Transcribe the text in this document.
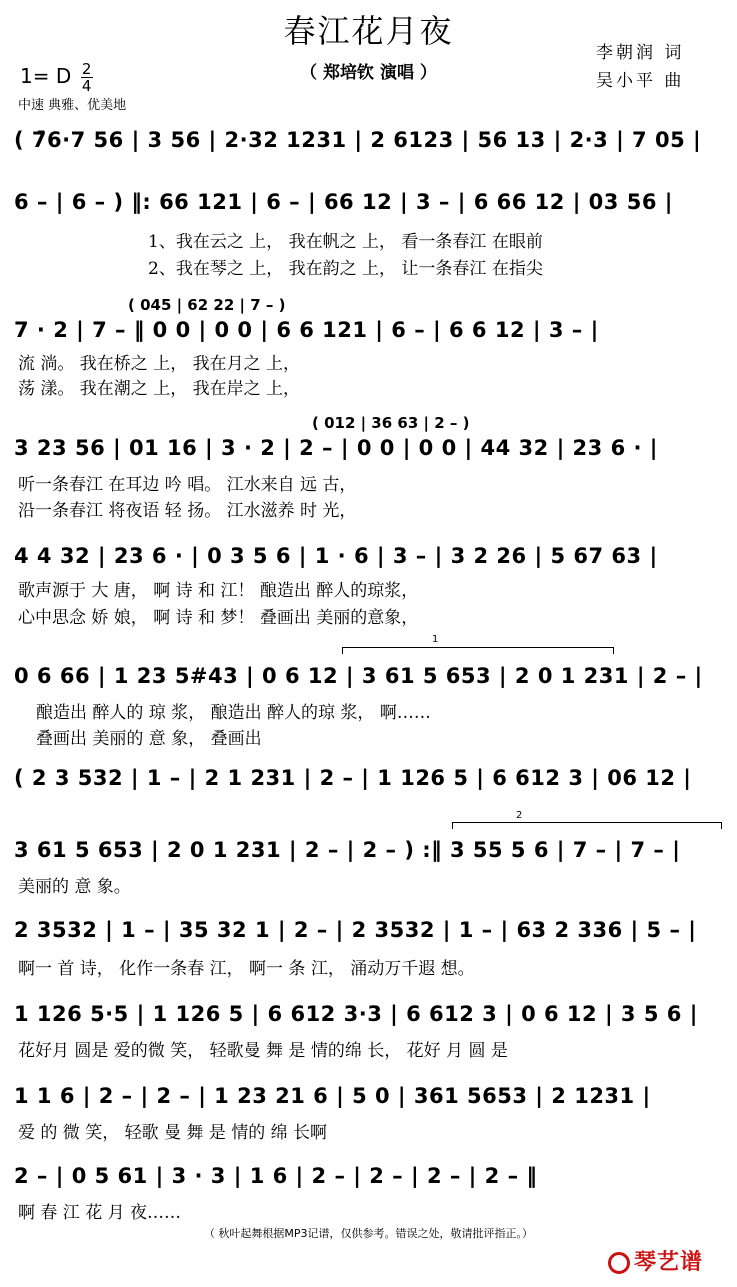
春江花月夜
（ 郑培钦 演唱 ）
李朝润 词
吴小平 曲
1= D $\frac{2}{4}$
中速 典雅、优美地
( 7̄6·7 56 | 3 56 | 2·32 1231 | 2 6123 | 56 13 | 2·3 | 7 05 |
6 – | 6 – ) ‖: 66 121 | 6 – | 66 12 | 3 – | 6 66 12 | 03 56 |
1、我在云之 上， 我在帆之 上， 看一条春江 在眼前
2、我在琴之 上， 我在韵之 上， 让一条春江 在指尖
( 045 | 62 22 | 7 – )
7 · 2 | 7 – ‖ 0 0 | 0 0 | 6 6 121 | 6 – | 6 6 12 | 3 – |
流 淌。 我在桥之 上， 我在月之 上，
荡 漾。 我在潮之 上， 我在岸之 上，
( 012 | 36 63 | 2 – )
3 23 56 | 01 16 | 3 · 2 | 2 – | 0 0 | 0 0 | 44 32 | 23 6 · |
听一条春江 在耳边 吟 唱。 江水来自 远 古，
沿一条春江 将夜语 轻 扬。 江水滋养 时 光，
4 4 32 | 23 6 · | 0 3 5 6 | 1 · 6 | 3 – | 3 2 26 | 5 67 63 |
歌声源于 大 唐， 啊 诗 和 江！ 酿造出 醉人的琼浆，
心中思念 娇 娘， 啊 诗 和 梦！ 叠画出 美丽的意象，
1
0 6 66 | 1 23 5#43 | 0 6 12 | 3 61 5 653 | 2 0 1 231 | 2 – |
酿造出 醉人的 琼 浆， 酿造出 醉人的琼 浆， 啊……
叠画出 美丽的 意 象， 叠画出
( 2 3 532 | 1 – | 2 1 231 | 2 – | 1 126 5 | 6 612 3 | 06 12 |
2
3 61 5 653 | 2 0 1 231 | 2 – | 2 – ) :‖ 3 55 5 6 | 7 – | 7 – |
美丽的 意 象。
2 3532 | 1 – | 35 32 1 | 2 – | 2 3532 | 1 – | 63 2 336 | 5 – |
啊一 首 诗， 化作一条春 江， 啊一 条 江， 涌动万千遐 想。
1 126 5·5 | 1 126 5 | 6 612 3·3 | 6 612 3 | 0 6 12 | 3 5 6 |
花好月 圆是 爱的微 笑， 轻歌曼 舞 是 情的绵 长， 花好 月 圆 是
1 1 6 | 2 – | 2 – | 1 23 21 6 | 5 0 | 361 5653 | 2 1231 |
爱 的 微 笑， 轻歌 曼 舞 是 情的 绵 长啊
2 – | 0 5 61 | 3 · 3 | 1 6 | 2 – | 2 – | 2 – | 2 – ‖
啊 春 江 花 月 夜……
（ 秋叶起舞根据MP3记谱，仅供参考。错误之处，敬请批评指正。）
琴艺谱
